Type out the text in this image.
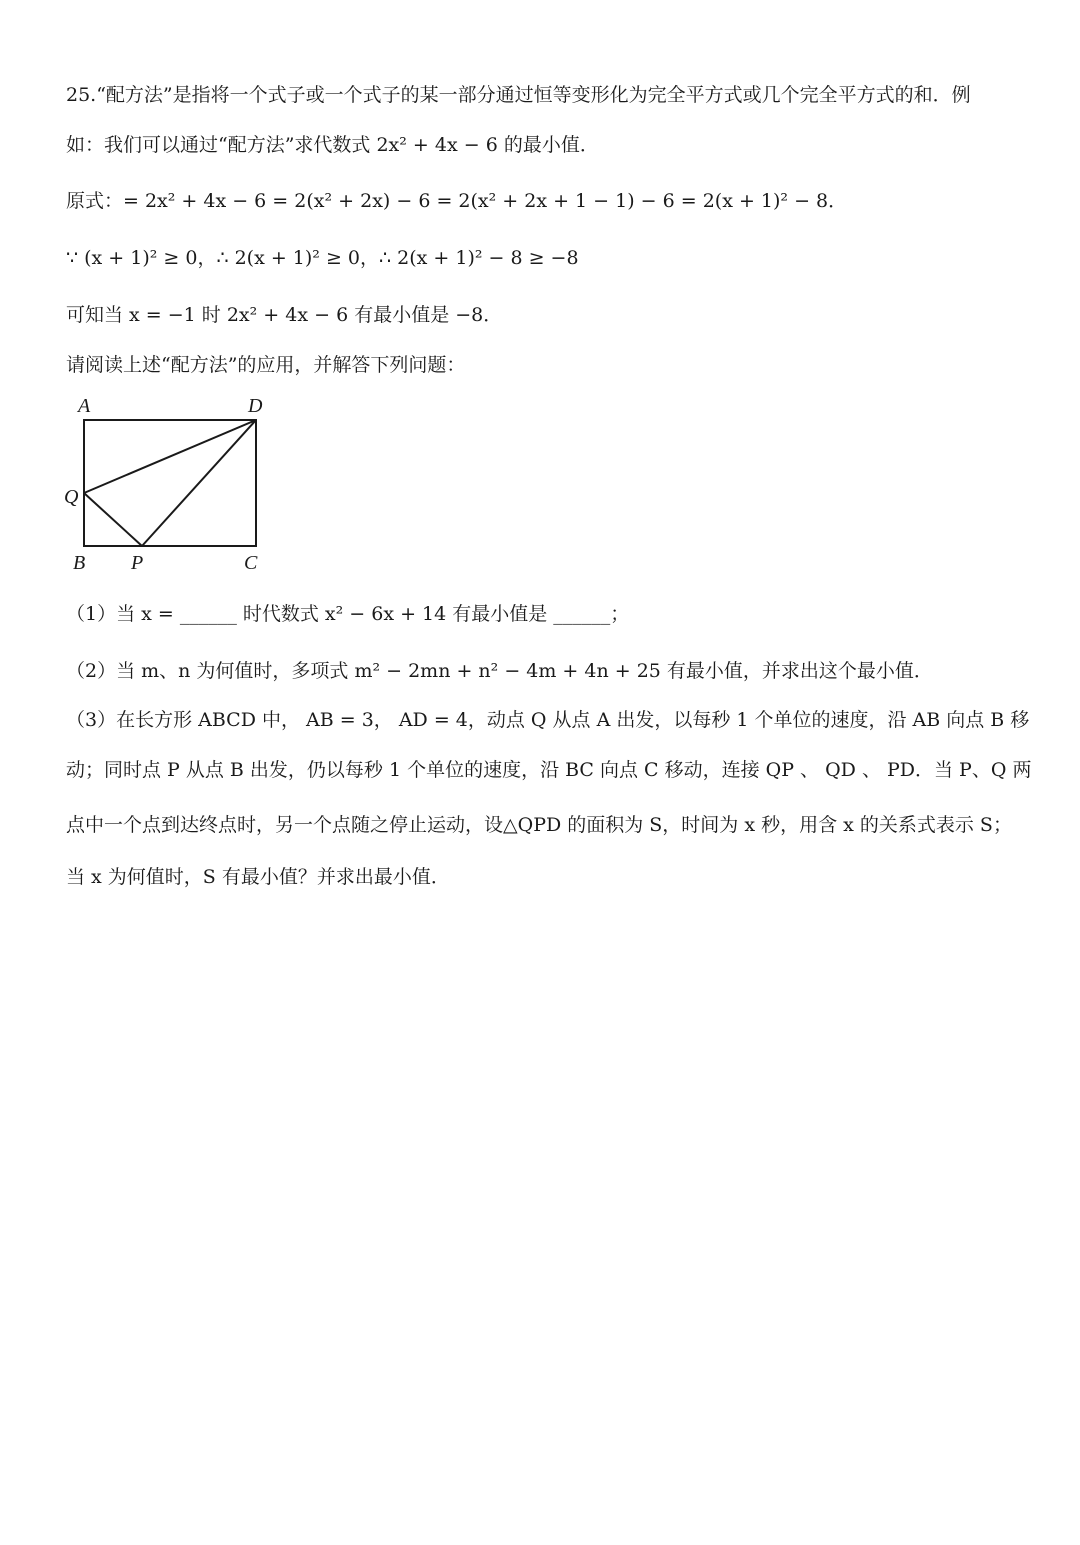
25.“配方法”是指将一个式子或一个式子的某一部分通过恒等变形化为完全平方式或几个完全平方式的和．例
如：我们可以通过“配方法”求代数式 2x² + 4x − 6 的最小值．
原式：= 2x² + 4x − 6 = 2(x² + 2x) − 6 = 2(x² + 2x + 1 − 1) − 6 = 2(x + 1)² − 8．
∵ (x + 1)² ≥ 0，∴ 2(x + 1)² ≥ 0，∴ 2(x + 1)² − 8 ≥ −8
可知当 x = −1 时 2x² + 4x − 6 有最小值是 −8．
请阅读上述“配方法”的应用，并解答下列问题：
A	D
Q
B P	C
（1）当 x = ______ 时代数式 x² − 6x + 14 有最小值是 ______；
（2）当 m、n 为何值时，多项式 m² − 2mn + n² − 4m + 4n + 25 有最小值，并求出这个最小值．
（3）在长方形 ABCD 中， AB = 3， AD = 4，动点 Q 从点 A 出发，以每秒 1 个单位的速度，沿 AB 向点 B 移
动；同时点 P 从点 B 出发，仍以每秒 1 个单位的速度，沿 BC 向点 C 移动，连接 QP 、 QD 、 PD．当 P、Q 两
点中一个点到达终点时，另一个点随之停止运动，设△QPD 的面积为 S，时间为 x 秒，用含 x 的关系式表示 S；
当 x 为何值时，S 有最小值？并求出最小值．
